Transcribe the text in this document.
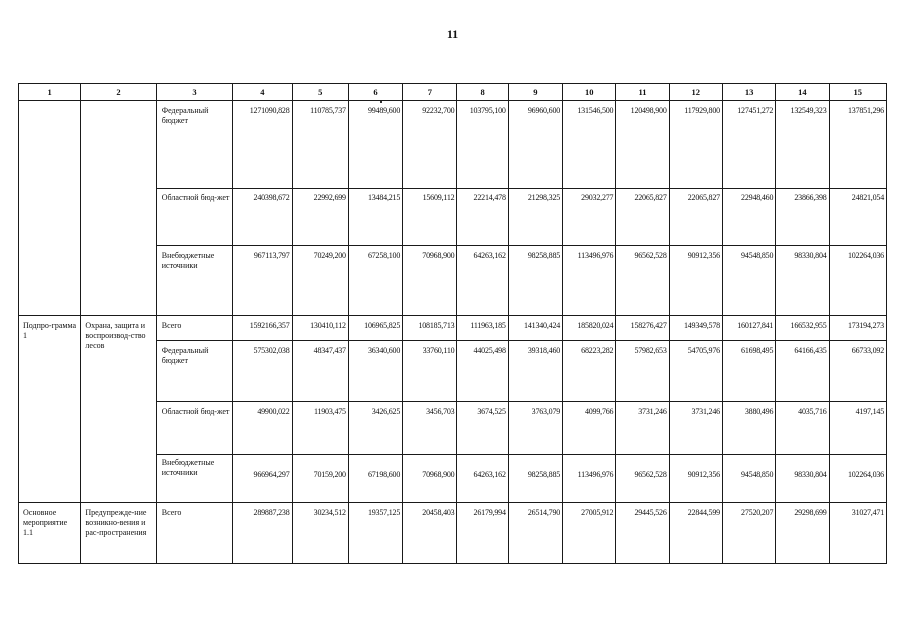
11
1	2	3	4	5	6	7	8	9	10	11	12	13	14	15
		Федеральный бюджет	1271090,828	110785,737	99489,600	92232,700	103795,100	96960,600	131546,500	120498,900	117929,800	127451,272	132549,323	137851,296
		Областной бюд-жет	240398,672	22992,699	13484,215	15609,112	22214,478	21298,325	29032,277	22065,827	22065,827	22948,460	23866,398	24821,054
		Внебюджетные источники	967113,797	70249,200	67258,100	70968,900	64263,162	98258,885	113496,976	96562,528	90912,356	94548,850	98330,804	102264,036
Подпро-грамма 1	Охрана, защита и воспроизвод-ство лесов	Всего	1592166,357	130410,112	106965,825	108185,713	111963,185	141340,424	185820,024	158276,427	149349,578	160127,841	166532,955	173194,273
		Федеральный бюджет	575302,038	48347,437	36340,600	33760,110	44025,498	39318,460	68223,282	57982,653	54705,976	61698,495	64166,435	66733,092
		Областной бюд-жет	49900,022	11903,475	3426,625	3456,703	3674,525	3763,079	4099,766	3731,246	3731,246	3880,496	4035,716	4197,145
		Внебюджетные источники	966964,297	70159,200	67198,600	70968,900	64263,162	98258,885	113496,976	96562,528	90912,356	94548,850	98330,804	102264,036
Основное мероприятие 1.1	Предупрежде-ние возникно-вения и рас-пространения	Всего	289887,238	30234,512	19357,125	20458,403	26179,994	26514,790	27005,912	29445,526	22844,599	27520,207	29298,699	31027,471
